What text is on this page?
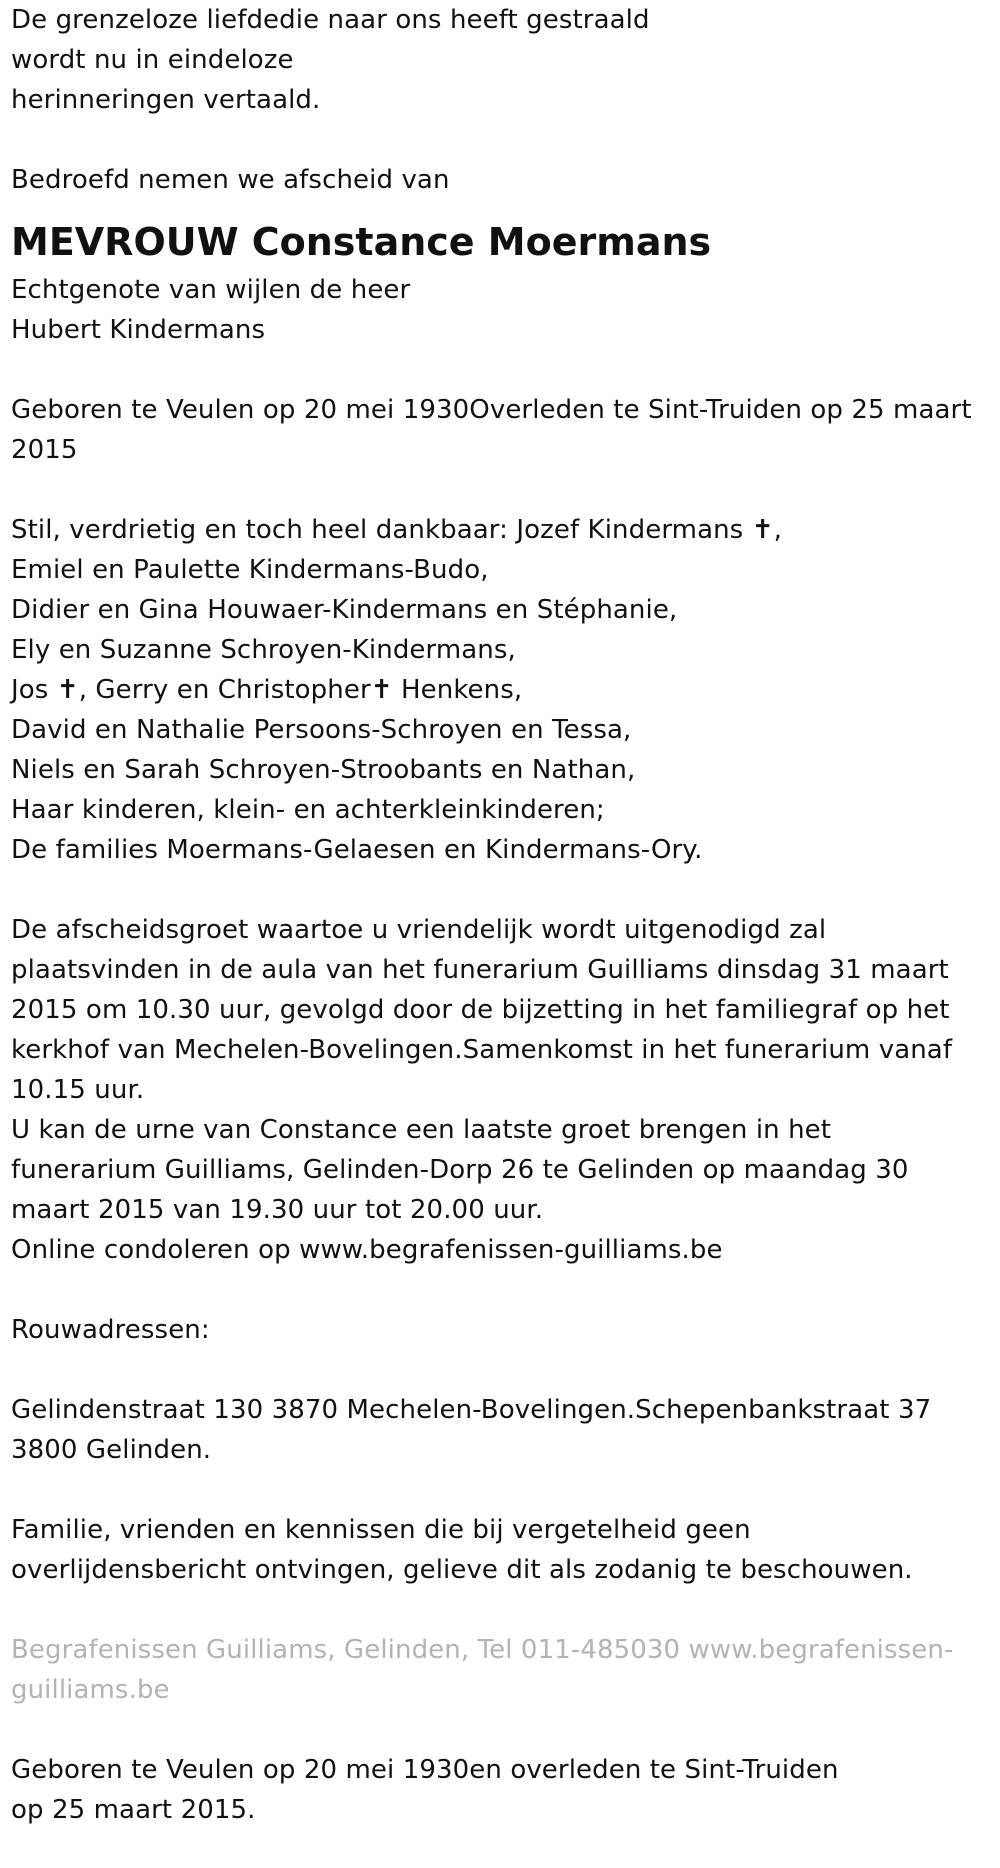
De grenzeloze liefdedie naar ons heeft gestraald
wordt nu in eindeloze
herinneringen vertaald.
Bedroefd nemen we afscheid van
MEVROUW Constance Moermans
Echtgenote van wijlen de heer
Hubert Kindermans
Geboren te Veulen op 20 mei 1930Overleden te Sint-Truiden op 25 maart
2015
Stil, verdrietig en toch heel dankbaar: Jozef Kindermans ✝,
Emiel en Paulette Kindermans-Budo,
Didier en Gina Houwaer-Kindermans en Stéphanie,
Ely en Suzanne Schroyen-Kindermans,
Jos ✝, Gerry en Christopher✝ Henkens,
David en Nathalie Persoons-Schroyen en Tessa,
Niels en Sarah Schroyen-Stroobants en Nathan,
Haar kinderen, klein- en achterkleinkinderen;
De families Moermans-Gelaesen en Kindermans-Ory.
De afscheidsgroet waartoe u vriendelijk wordt uitgenodigd zal
plaatsvinden in de aula van het funerarium Guilliams dinsdag 31 maart
2015 om 10.30 uur, gevolgd door de bijzetting in het familiegraf op het
kerkhof van Mechelen-Bovelingen.Samenkomst in het funerarium vanaf
10.15 uur.
U kan de urne van Constance een laatste groet brengen in het
funerarium Guilliams, Gelinden-Dorp 26 te Gelinden op maandag 30
maart 2015 van 19.30 uur tot 20.00 uur.
Online condoleren op www.begrafenissen-guilliams.be
Rouwadressen:
Gelindenstraat 130 3870 Mechelen-Bovelingen.Schepenbankstraat 37
3800 Gelinden.
Familie, vrienden en kennissen die bij vergetelheid geen
overlijdensbericht ontvingen, gelieve dit als zodanig te beschouwen.
Begrafenissen Guilliams, Gelinden, Tel 011-485030 www.begrafenissen-
guilliams.be
Geboren te Veulen op 20 mei 1930en overleden te Sint-Truiden
op 25 maart 2015.
